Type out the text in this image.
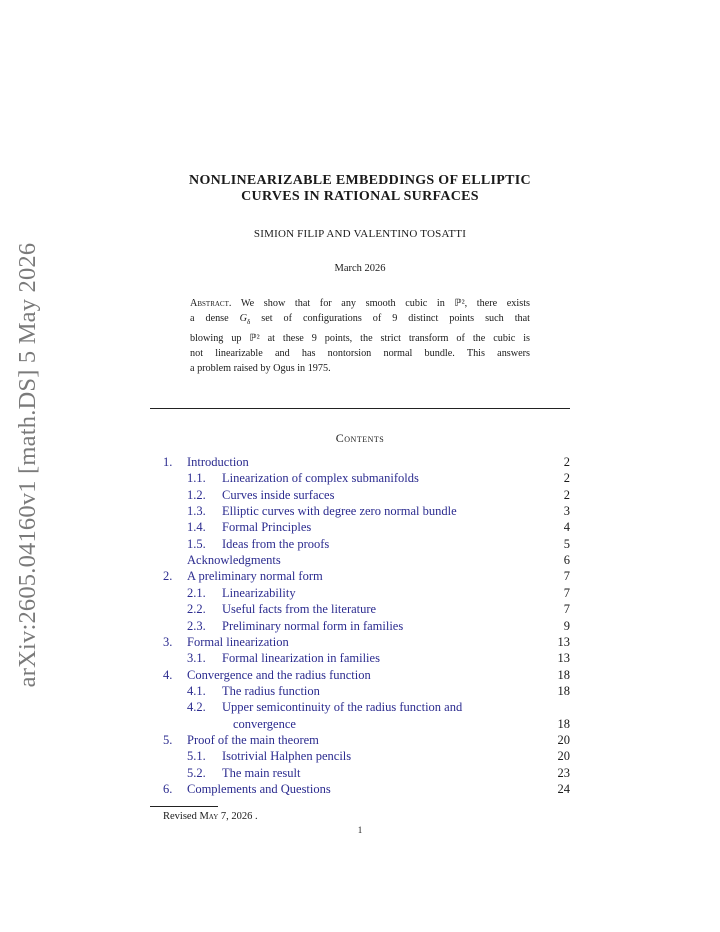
arXiv:2605.04160v1 [math.DS] 5 May 2026
NONLINEARIZABLE EMBEDDINGS OF ELLIPTIC
CURVES IN RATIONAL SURFACES
SIMION FILIP AND VALENTINO TOSATTI
March 2026
Abstract. We show that for any smooth cubic in ℙ², there exists
a dense $G_\delta$ set of configurations of 9 distinct points such that
blowing up ℙ² at these 9 points, the strict transform of the cubic is
not linearizable and has nontorsion normal bundle. This answers
a problem raised by Ogus in 1975.
Contents
1. Introduction	2
1.1. Linearization of complex submanifolds	2
1.2. Curves inside surfaces	2
1.3. Elliptic curves with degree zero normal bundle	3
1.4. Formal Principles	4
1.5. Ideas from the proofs	5
Acknowledgments	6
2. A preliminary normal form	7
2.1. Linearizability	7
2.2. Useful facts from the literature	7
2.3. Preliminary normal form in families	9
3. Formal linearization	13
3.1. Formal linearization in families	13
4. Convergence and the radius function	18
4.1. The radius function	18
4.2. Upper semicontinuity of the radius function and
convergence	18
5. Proof of the main theorem	20
5.1. Isotrivial Halphen pencils	20
5.2. The main result	23
6. Complements and Questions	24
Revised May 7, 2026 .
1
